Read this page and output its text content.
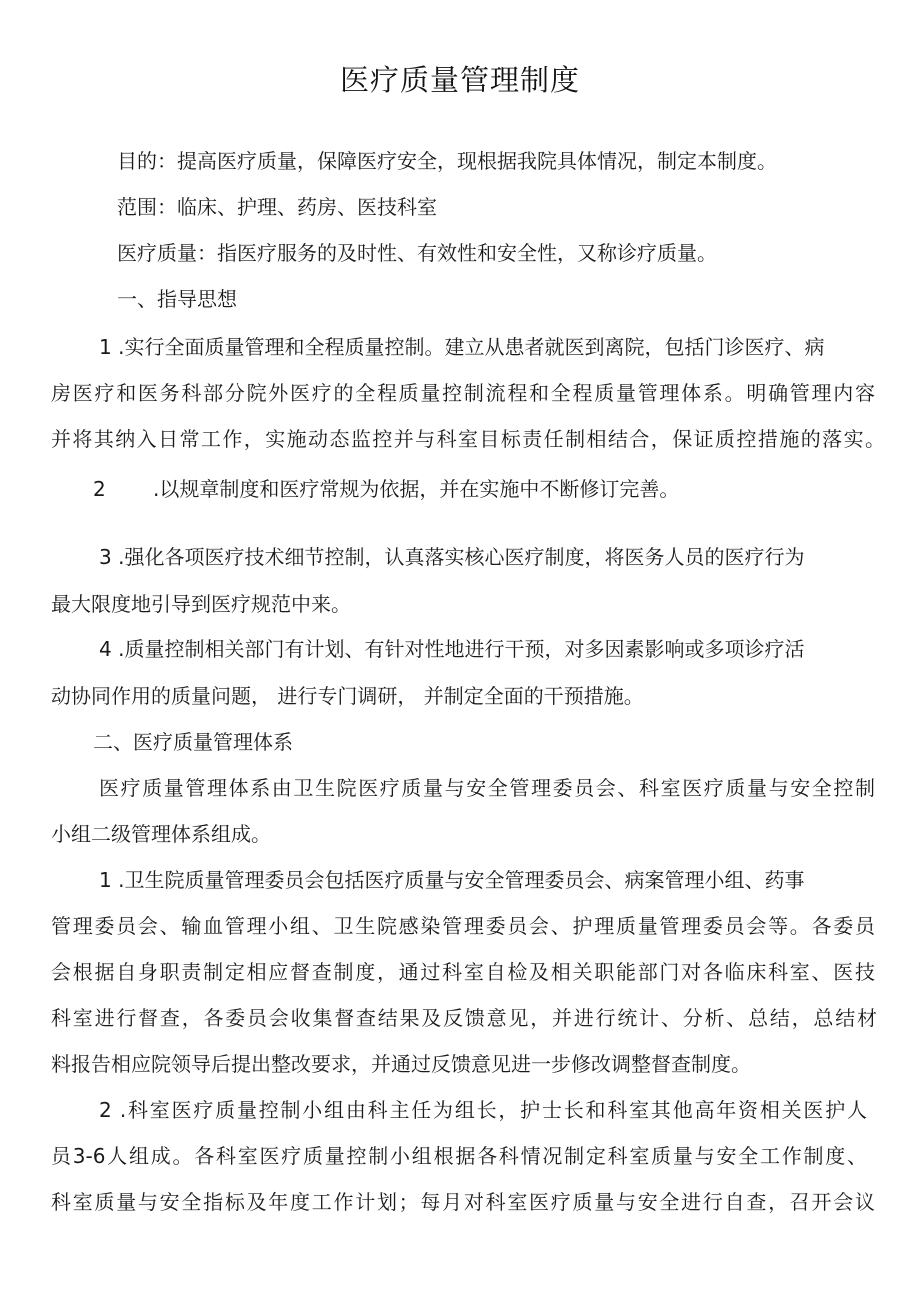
医疗质量管理制度
目的：提高医疗质量，保障医疗安全，现根据我院具体情况，制定本制度。
范围：临床、护理、药房、医技科室
医疗质量：指医疗服务的及时性、有效性和安全性，又称诊疗质量。
一、指导思想
1 .实行全面质量管理和全程质量控制。建立从患者就医到离院，包括门诊医疗、病
房医疗和医务科部分院外医疗的全程质量控制流程和全程质量管理体系。明确管理内容
并将其纳入日常工作，实施动态监控并与科室目标责任制相结合，保证质控措施的落实。
2 .以规章制度和医疗常规为依据，并在实施中不断修订完善。
3 .强化各项医疗技术细节控制，认真落实核心医疗制度，将医务人员的医疗行为
最大限度地引导到医疗规范中来。
4 .质量控制相关部门有计划、有针对性地进行干预，对多因素影响或多项诊疗活
动协同作用的质量问题， 进行专门调研， 并制定全面的干预措施。
二、医疗质量管理体系
医疗质量管理体系由卫生院医疗质量与安全管理委员会、科室医疗质量与安全控制
小组二级管理体系组成。
1 .卫生院质量管理委员会包括医疗质量与安全管理委员会、病案管理小组、药事
管理委员会、输血管理小组、卫生院感染管理委员会、护理质量管理委员会等。各委员
会根据自身职责制定相应督查制度，通过科室自检及相关职能部门对各临床科室、医技
科室进行督查，各委员会收集督查结果及反馈意见，并进行统计、分析、总结，总结材
料报告相应院领导后提出整改要求，并通过反馈意见进一步修改调整督查制度。
2 .科室医疗质量控制小组由科主任为组长，护士长和科室其他高年资相关医护人
员3-6人组成。各科室医疗质量控制小组根据各科情况制定科室质量与安全工作制度、
科室质量与安全指标及年度工作计划；每月对科室医疗质量与安全进行自查，召开会议
